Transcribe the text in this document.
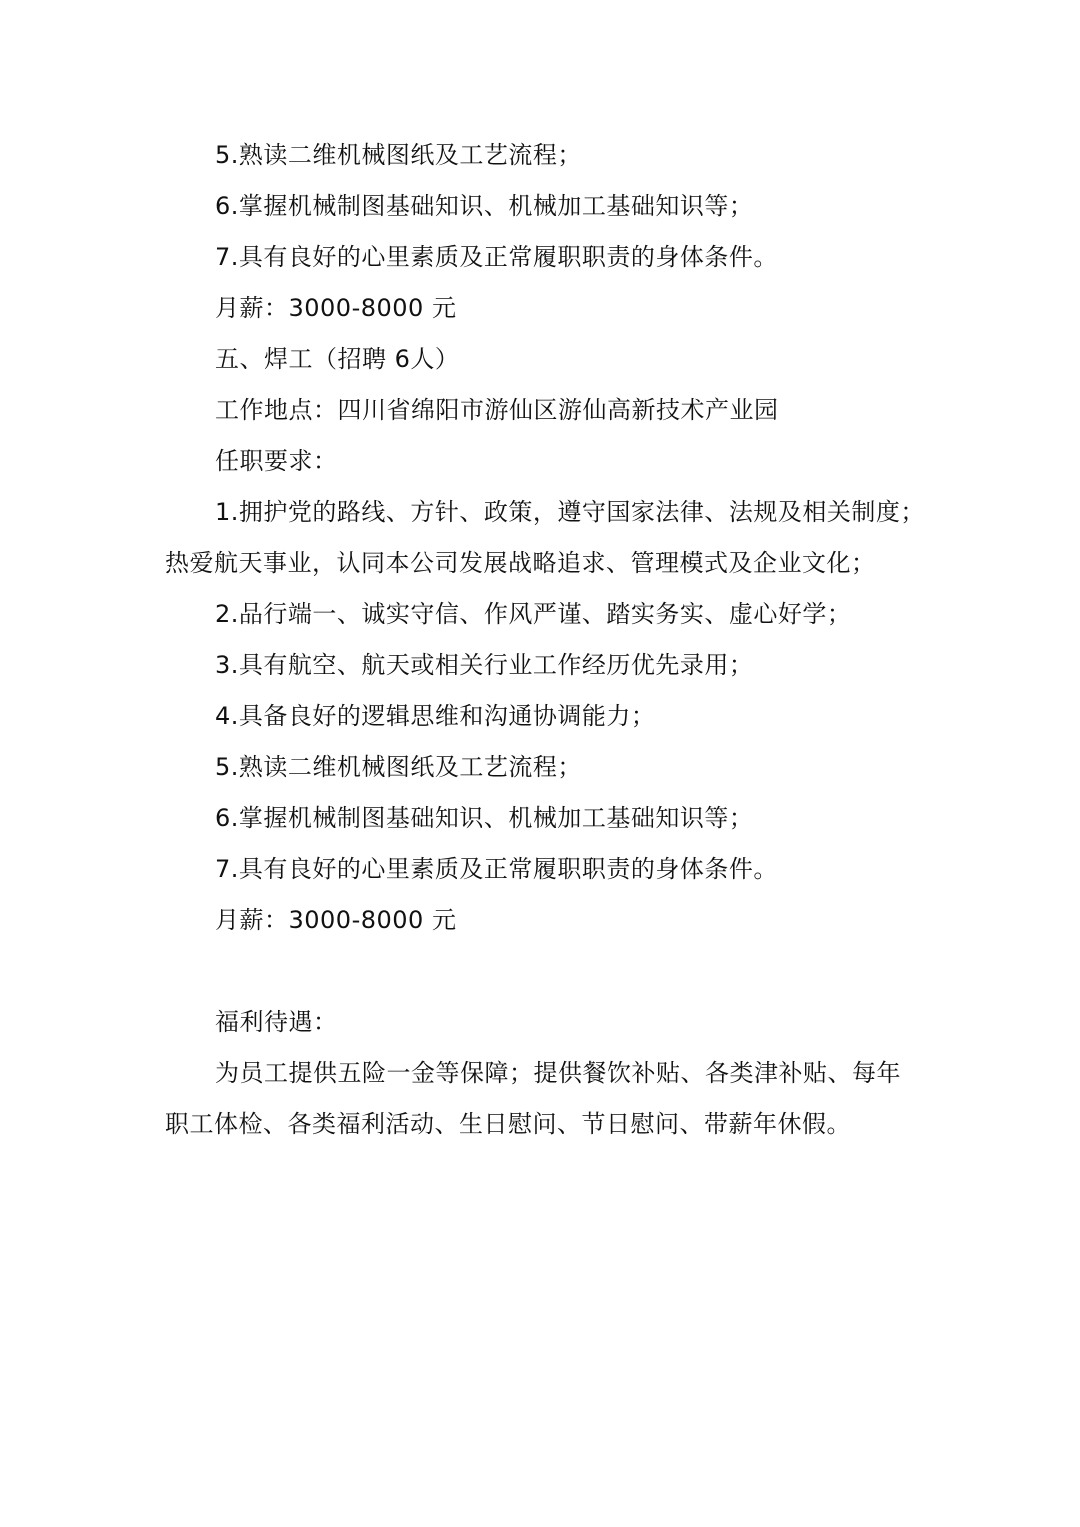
5.熟读二维机械图纸及工艺流程；
6.掌握机械制图基础知识、机械加工基础知识等；
7.具有良好的心里素质及正常履职职责的身体条件。
月薪：3000-8000 元
五、焊工（招聘 6人）
工作地点：四川省绵阳市游仙区游仙高新技术产业园
任职要求：
1.拥护党的路线、方针、政策，遵守国家法律、法规及相关制度；
热爱航天事业，认同本公司发展战略追求、管理模式及企业文化；
2.品行端一、诚实守信、作风严谨、踏实务实、虚心好学；
3.具有航空、航天或相关行业工作经历优先录用；
4.具备良好的逻辑思维和沟通协调能力；
5.熟读二维机械图纸及工艺流程；
6.掌握机械制图基础知识、机械加工基础知识等；
7.具有良好的心里素质及正常履职职责的身体条件。
月薪：3000-8000 元
福利待遇：
为员工提供五险一金等保障；提供餐饮补贴、各类津补贴、每年
职工体检、各类福利活动、生日慰问、节日慰问、带薪年休假。
